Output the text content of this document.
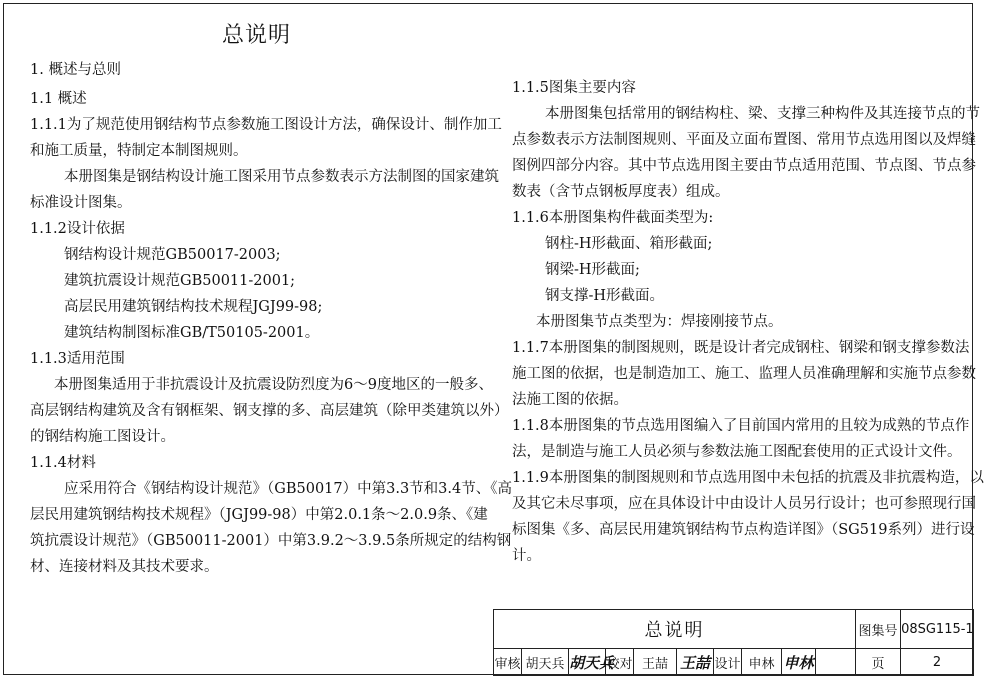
总说明

1. 概述与总则

1.1 概述

1.1.1为了规范使用钢结构节点参数施工图设计方法，确保设计、制作加工

和施工质量，特制定本制图规则。

本册图集是钢结构设计施工图采用节点参数表示方法制图的国家建筑

标准设计图集。

1.1.2设计依据

钢结构设计规范GB50017-2003;

建筑抗震设计规范GB50011-2001;

高层民用建筑钢结构技术规程JGJ99-98;

建筑结构制图标准GB/T50105-2001。

1.1.3适用范围

本册图集适用于非抗震设计及抗震设防烈度为6～9度地区的一般多、

高层钢结构建筑及含有钢框架、钢支撑的多、高层建筑（除甲类建筑以外）

的钢结构施工图设计。

1.1.4材料

应采用符合《钢结构设计规范》（GB50017）中第3.3节和3.4节、《高

层民用建筑钢结构技术规程》（JGJ99-98）中第2.0.1条～2.0.9条、《建

筑抗震设计规范》（GB50011-2001）中第3.9.2～3.9.5条所规定的结构钢

材、连接材料及其技术要求。

1.1.5图集主要内容

本册图集包括常用的钢结构柱、梁、支撑三种构件及其连接节点的节

点参数表示方法制图规则、平面及立面布置图、常用节点选用图以及焊缝

图例四部分内容。其中节点选用图主要由节点适用范围、节点图、节点参

数表（含节点钢板厚度表）组成。

1.1.6本册图集构件截面类型为:

钢柱-H形截面、箱形截面;

钢梁-H形截面;

钢支撑-H形截面。

本册图集节点类型为：焊接刚接节点。

1.1.7本册图集的制图规则，既是设计者完成钢柱、钢梁和钢支撑参数法

施工图的依据，也是制造加工、施工、监理人员准确理解和实施节点参数

法施工图的依据。

1.1.8本册图集的节点选用图编入了目前国内常用的且较为成熟的节点作

法，是制造与施工人员必须与参数法施工图配套使用的正式设计文件。

1.1.9本册图集的制图规则和节点选用图中未包括的抗震及非抗震构造，以

及其它未尽事项，应在具体设计中由设计人员另行设计；也可参照现行国

标图集《多、高层民用建筑钢结构节点构造详图》（SG519系列）进行设

计。

总说明										图集号	08SG115-1
审核	胡天兵	胡天兵	校对	王喆	王喆	设计	申林	申林		页	2
